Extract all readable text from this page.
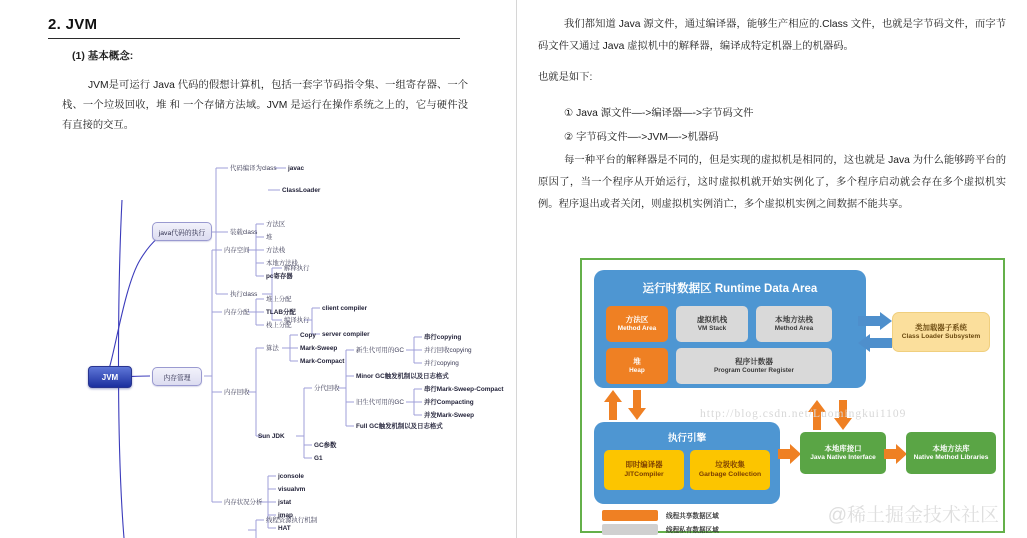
2. JVM
(1) 基本概念:
JVM是可运行 Java 代码的假想计算机，包括一套字节码指令集、一组寄存器、一个栈、一个垃圾回收，堆 和 一个存储方法域。JVM 是运行在操作系统之上的，它与硬件没有直接的交互。
JVM
java代码的执行
内存管理
代码编译为class
装载class
执行class
javac
ClassLoader
解释执行
编译执行
client compiler
server compiler
内存空间
方法区
堆
方法栈
本地方法栈
pc寄存器
内存分配
堆上分配
TLAB分配
栈上分配
内存回收
算法
Copy
Mark-Sweep
Mark-Compact
Sun JDK
分代回收
新生代可用的GC
串行copying
并行回收copying
并行copying
Minor GC触发机制以及日志格式
旧生代可用的GC
串行Mark-Sweep-Compact
并行Compacting
并发Mark-Sweep
Full GC触发机制以及日志格式
GC参数
G1
内存状况分析
jconsole
visualvm
jstat
jmap
HAT
线程资源执行机制
我们都知道 Java 源文件，通过编译器，能够生产相应的.Class 文件，也就是字节码文件，而字节码文件又通过 Java 虚拟机中的解释器，编译成特定机器上的机器码。
也就是如下:
① Java 源文件—->编译器—->字节码文件
② 字节码文件—->JVM—->机器码
每一种平台的解释器是不同的，但是实现的虚拟机是相同的，这也就是 Java 为什么能够跨平台的原因了，当一个程序从开始运行，这时虚拟机就开始实例化了，多个程序启动就会存在多个虚拟机实例。程序退出或者关闭，则虚拟机实例消亡，多个虚拟机实例之间数据不能共享。
运行时数据区 Runtime Data Area
方法区
Method Area
虚拟机栈
VM Stack
本地方法栈
Method Area
堆
Heap
程序计数器
Program Counter Register
类加载器子系统
Class Loader Subsystem
执行引擎
即时编译器
JITCompiler
垃圾收集
Garbage Collection
本地库接口
Java Native Interface
本地方法库
Native Method Libraries
线程共享数据区域
线程私有数据区域
http://blog.csdn.net/Luomingkui1109
@稀土掘金技术社区
